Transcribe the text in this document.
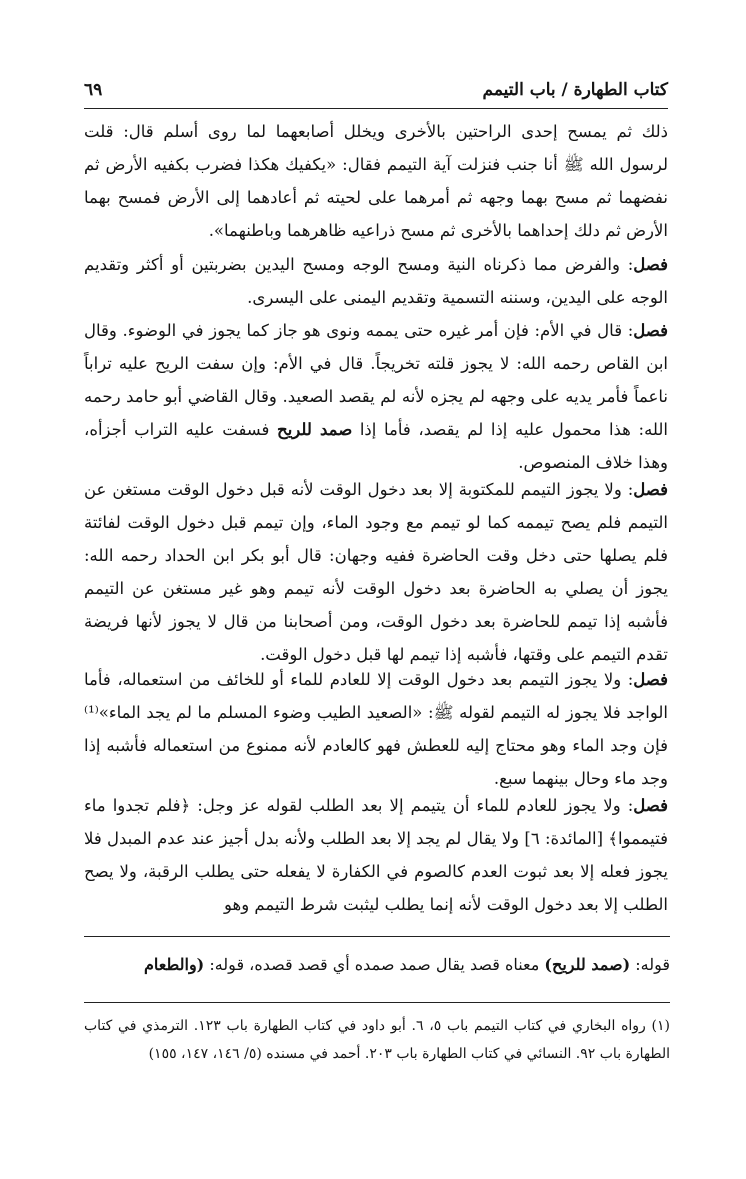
كتاب الطهارة / باب التيمم
٦٩
ذلك ثم يمسح إحدى الراحتين بالأخرى ويخلل أصابعهما لما روى أسلم قال: قلت لرسول الله ﷺ أنا جنب فنزلت آية التيمم فقال: «يكفيك هكذا فضرب بكفيه الأرض ثم نفضهما ثم مسح بهما وجهه ثم أمرهما على لحيته ثم أعادهما إلى الأرض فمسح بهما الأرض ثم دلك إحداهما بالأخرى ثم مسح ذراعيه ظاهرهما وباطنهما».
فصل: والفرض مما ذكرناه النية ومسح الوجه ومسح اليدين بضربتين أو أكثر وتقديم الوجه على اليدين، وسننه التسمية وتقديم اليمنى على اليسرى.
فصل: قال في الأم: فإن أمر غيره حتى يممه ونوى هو جاز كما يجوز في الوضوء. وقال ابن القاص رحمه الله: لا يجوز قلته تخريجاً. قال في الأم: وإن سفت الريح عليه تراباً ناعماً فأمر يديه على وجهه لم يجزه لأنه لم يقصد الصعيد. وقال القاضي أبو حامد رحمه الله: هذا محمول عليه إذا لم يقصد، فأما إذا صمد للريح فسفت عليه التراب أجزأه، وهذا خلاف المنصوص.
فصل: ولا يجوز التيمم للمكتوبة إلا بعد دخول الوقت لأنه قبل دخول الوقت مستغن عن التيمم فلم يصح تيممه كما لو تيمم مع وجود الماء، وإن تيمم قبل دخول الوقت لفائتة فلم يصلها حتى دخل وقت الحاضرة ففيه وجهان: قال أبو بكر ابن الحداد رحمه الله: يجوز أن يصلي به الحاضرة بعد دخول الوقت لأنه تيمم وهو غير مستغن عن التيمم فأشبه إذا تيمم للحاضرة بعد دخول الوقت، ومن أصحابنا من قال لا يجوز لأنها فريضة تقدم التيمم على وقتها، فأشبه إذا تيمم لها قبل دخول الوقت.
فصل: ولا يجوز التيمم بعد دخول الوقت إلا للعادم للماء أو للخائف من استعماله، فأما الواجد فلا يجوز له التيمم لقوله ﷺ: «الصعيد الطيب وضوء المسلم ما لم يجد الماء»⁽¹⁾ فإن وجد الماء وهو محتاج إليه للعطش فهو كالعادم لأنه ممنوع من استعماله فأشبه إذا وجد ماء وحال بينهما سبع.
فصل: ولا يجوز للعادم للماء أن يتيمم إلا بعد الطلب لقوله عز وجل: ﴿فلم تجدوا ماء فتيمموا﴾ [المائدة: ٦] ولا يقال لم يجد إلا بعد الطلب ولأنه بدل أجيز عند عدم المبدل فلا يجوز فعله إلا بعد ثبوت العدم كالصوم في الكفارة لا يفعله حتى يطلب الرقبة، ولا يصح الطلب إلا بعد دخول الوقت لأنه إنما يطلب ليثبت شرط التيمم وهو
قوله: (صمد للريح) معناه قصد يقال صمد صمده أي قصد قصده، قوله: (والطعام
(١) رواه البخاري في كتاب التيمم باب ٥، ٦. أبو داود في كتاب الطهارة باب ١٢٣. الترمذي في كتاب الطهارة باب ٩٢. النسائي في كتاب الطهارة باب ٢٠٣. أحمد في مسنده (٥/ ١٤٦، ١٤٧، ١٥٥)
